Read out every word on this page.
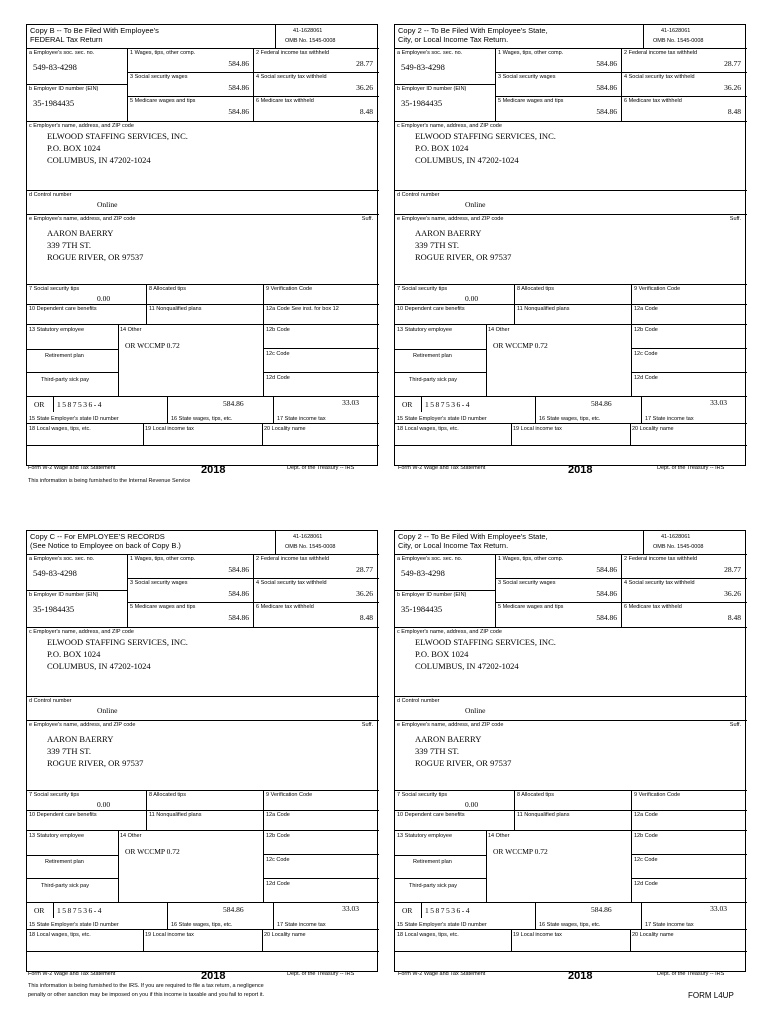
Copy B -- To Be Filed With Employee's
FEDERAL Tax Return
41-1628061
OMB No. 1545-0008
a Employee's soc. sec. no.
549-83-4298
b Employer ID number (EIN)
35-1984435
1 Wages, tips, other comp.
584.86
2 Federal income tax withheld
28.77
3 Social security wages
584.86
4 Social security tax withheld
36.26
5 Medicare wages and tips
584.86
6 Medicare tax withheld
8.48
c Employer's name, address, and ZIP code
ELWOOD STAFFING SERVICES, INC.
P.O. BOX 1024
COLUMBUS, IN 47202-1024
d Control number
Online
e Employee's name, address, and ZIP code	Suff.
AARON BAERRY
339 7TH ST.
ROGUE RIVER, OR 97537
7 Social security tips
0.00
8 Allocated tips	9 Verification Code
10 Dependent care benefits	11 Nonqualified plans	12a Code See inst. for box 12
13 Statutory employee
Retirement plan
Third-party sick pay
14 Other
OR WCCMP 0.72
12b Code
12c Code
12d Code
OR 1587536-4	584.86	33.03
15 State Employer's state ID number	16 State wages, tips, etc.	17 State income tax
18 Local wages, tips, etc.	19 Local income tax	20 Locality name
Copy 2 -- To Be Filed With Employee's State,
City, or Local Income Tax Return.
41-1628061
OMB No. 1545-0008
a Employee's soc. sec. no.
549-83-4298
b Employer ID number (EIN)
35-1984435
1 Wages, tips, other comp.
584.86
2 Federal income tax withheld
28.77
3 Social security wages
584.86
4 Social security tax withheld
36.26
5 Medicare wages and tips
584.86
6 Medicare tax withheld
8.48
c Employer's name, address, and ZIP code
ELWOOD STAFFING SERVICES, INC.
P.O. BOX 1024
COLUMBUS, IN 47202-1024
d Control number
Online
e Employee's name, address, and ZIP code	Suff.
AARON BAERRY
339 7TH ST.
ROGUE RIVER, OR 97537
7 Social security tips
0.00
8 Allocated tips	9 Verification Code
10 Dependent care benefits	11 Nonqualified plans	12a Code
13 Statutory employee
Retirement plan
Third-party sick pay
14 Other
OR WCCMP 0.72
12b Code
12c Code
12d Code
OR 1587536-4	584.86	33.03
15 State Employer's state ID number	16 State wages, tips, etc.	17 State income tax
18 Local wages, tips, etc.	19 Local income tax	20 Locality name
Copy C -- For EMPLOYEE'S RECORDS
(See Notice to Employee on back of Copy B.)
41-1628061
OMB No. 1545-0008
a Employee's soc. sec. no.
549-83-4298
b Employer ID number (EIN)
35-1984435
1 Wages, tips, other comp.
584.86
2 Federal income tax withheld
28.77
3 Social security wages
584.86
4 Social security tax withheld
36.26
5 Medicare wages and tips
584.86
6 Medicare tax withheld
8.48
c Employer's name, address, and ZIP code
ELWOOD STAFFING SERVICES, INC.
P.O. BOX 1024
COLUMBUS, IN 47202-1024
d Control number
Online
e Employee's name, address, and ZIP code	Suff.
AARON BAERRY
339 7TH ST.
ROGUE RIVER, OR 97537
7 Social security tips
0.00
8 Allocated tips	9 Verification Code
10 Dependent care benefits	11 Nonqualified plans	12a Code
13 Statutory employee
Retirement plan
Third-party sick pay
14 Other
OR WCCMP 0.72
12b Code
12c Code
12d Code
OR 1587536-4	584.86	33.03
15 State Employer's state ID number	16 State wages, tips, etc.	17 State income tax
18 Local wages, tips, etc.	19 Local income tax	20 Locality name
Copy 2 -- To Be Filed With Employee's State,
City, or Local Income Tax Return.
41-1628061
OMB No. 1545-0008
a Employee's soc. sec. no.
549-83-4298
b Employer ID number (EIN)
35-1984435
1 Wages, tips, other comp.
584.86
2 Federal income tax withheld
28.77
3 Social security wages
584.86
4 Social security tax withheld
36.26
5 Medicare wages and tips
584.86
6 Medicare tax withheld
8.48
c Employer's name, address, and ZIP code
ELWOOD STAFFING SERVICES, INC.
P.O. BOX 1024
COLUMBUS, IN 47202-1024
d Control number
Online
e Employee's name, address, and ZIP code	Suff.
AARON BAERRY
339 7TH ST.
ROGUE RIVER, OR 97537
7 Social security tips
0.00
8 Allocated tips	9 Verification Code
10 Dependent care benefits	11 Nonqualified plans	12a Code
13 Statutory employee
Retirement plan
Third-party sick pay
14 Other
OR WCCMP 0.72
12b Code
12c Code
12d Code
OR 1587536-4	584.86	33.03
15 State Employer's state ID number	16 State wages, tips, etc.	17 State income tax
18 Local wages, tips, etc.	19 Local income tax	20 Locality name
Form W-2 Wage and Tax Statement	2018	Dept. of the Treasury -- IRS
This information is being furnished to the Internal Revenue Service
Form W-2 Wage and Tax Statement	2018	Dept. of the Treasury -- IRS
Form W-2 Wage and Tax Statement	2018	Dept. of the Treasury -- IRS
This information is being furnished to the IRS. If you are required to file a tax return, a negligence
penalty or other sanction may be imposed on you if this income is taxable and you fail to report it.
Form W-2 Wage and Tax Statement	2018	Dept. of the Treasury -- IRS
FORM L4UP
